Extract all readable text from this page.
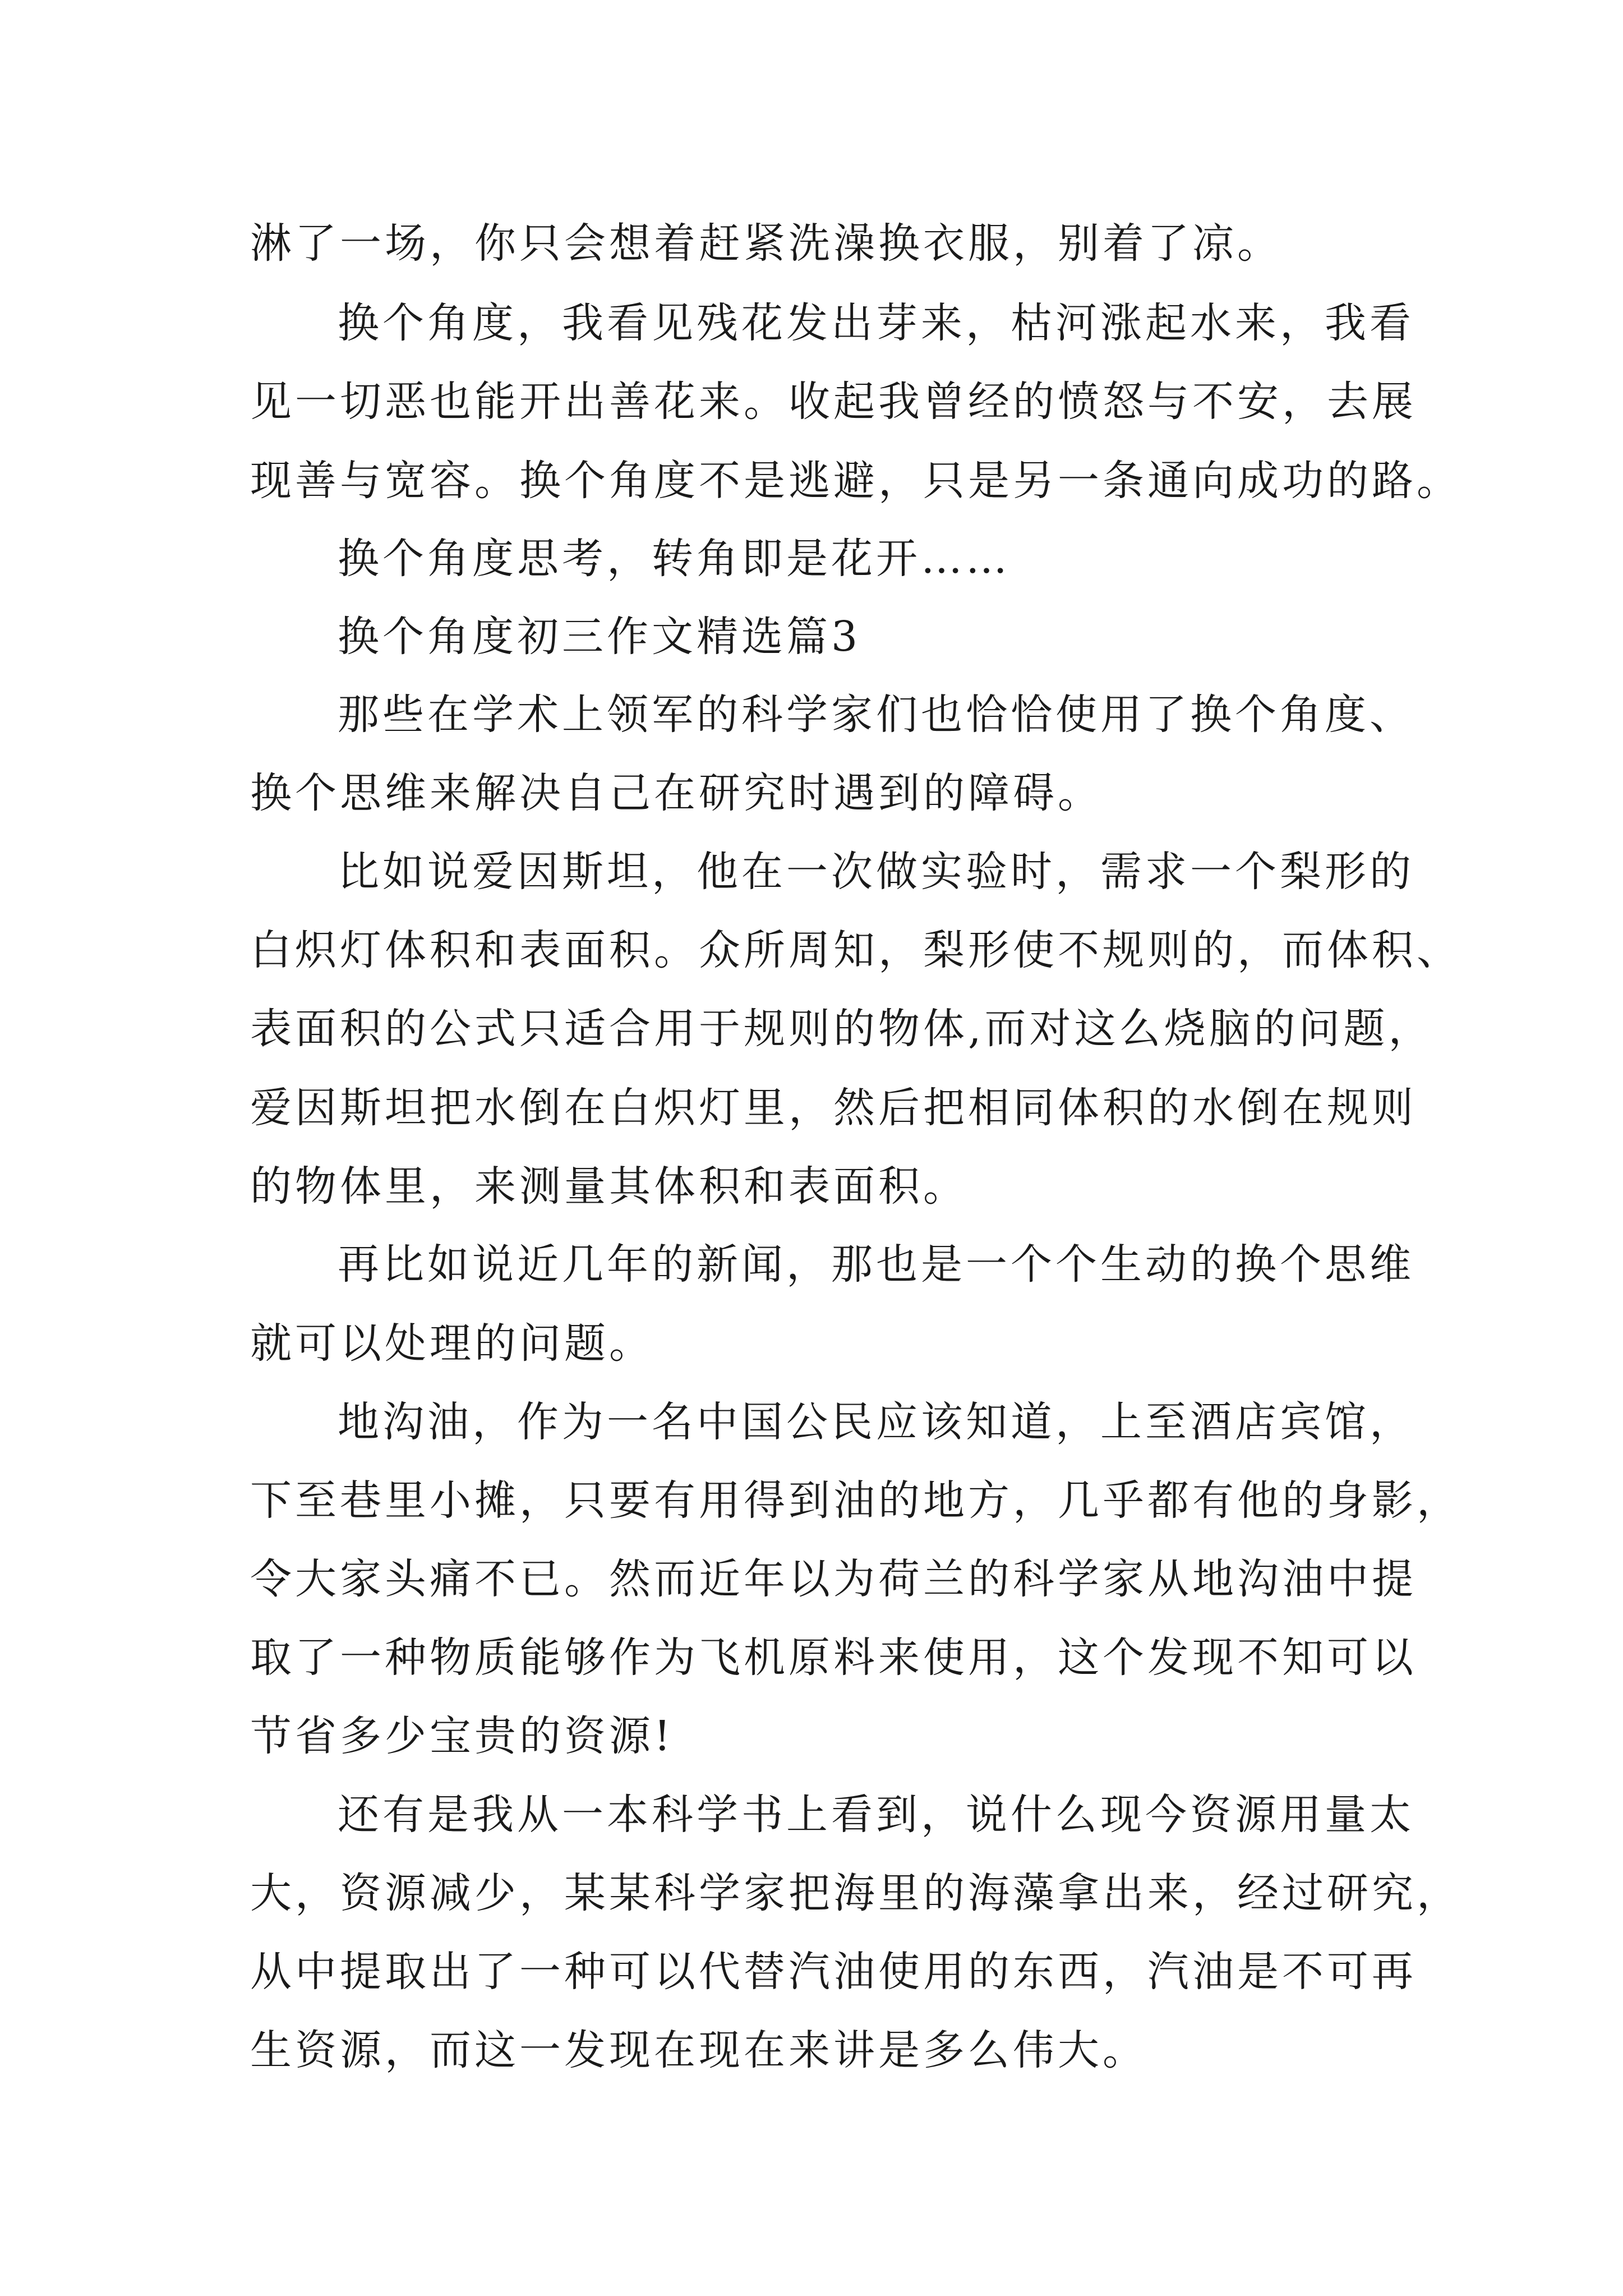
淋了一场，你只会想着赶紧洗澡换衣服，别着了凉。
换个角度，我看见残花发出芽来，枯河涨起水来，我看
见一切恶也能开出善花来。收起我曾经的愤怒与不安，去展
现善与宽容。换个角度不是逃避，只是另一条通向成功的路。
换个角度思考，转角即是花开……
换个角度初三作文精选篇3
那些在学术上领军的科学家们也恰恰使用了换个角度、
换个思维来解决自己在研究时遇到的障碍。
比如说爱因斯坦，他在一次做实验时，需求一个梨形的
白炽灯体积和表面积。众所周知，梨形使不规则的，而体积、
表面积的公式只适合用于规则的物体,而对这么烧脑的问题，
爱因斯坦把水倒在白炽灯里，然后把相同体积的水倒在规则
的物体里，来测量其体积和表面积。
再比如说近几年的新闻，那也是一个个生动的换个思维
就可以处理的问题。
地沟油，作为一名中国公民应该知道，上至酒店宾馆，
下至巷里小摊，只要有用得到油的地方，几乎都有他的身影，
令大家头痛不已。然而近年以为荷兰的科学家从地沟油中提
取了一种物质能够作为飞机原料来使用，这个发现不知可以
节省多少宝贵的资源!
还有是我从一本科学书上看到，说什么现今资源用量太
大，资源减少，某某科学家把海里的海藻拿出来，经过研究，
从中提取出了一种可以代替汽油使用的东西，汽油是不可再
生资源，而这一发现在现在来讲是多么伟大。
